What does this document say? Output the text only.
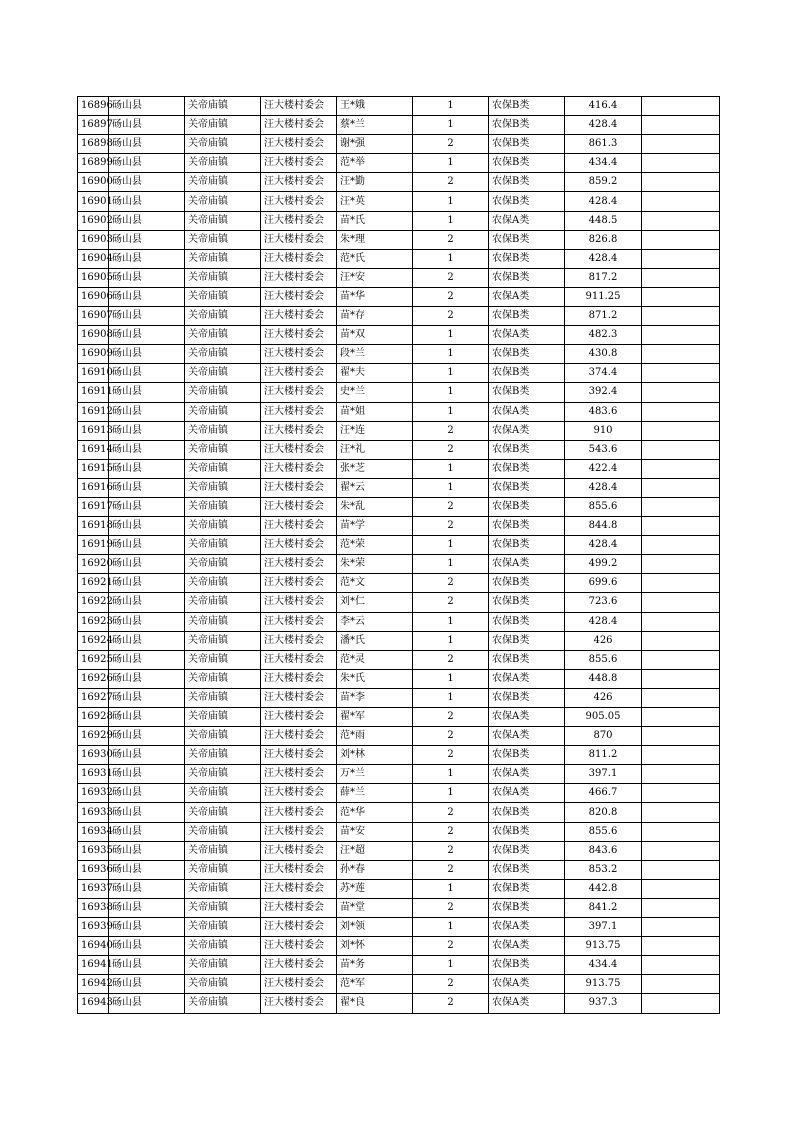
16896	砀山县	关帝庙镇	汪大楼村委会	王*娥	1	农保B类	416.4	
16897	砀山县	关帝庙镇	汪大楼村委会	蔡*兰	1	农保B类	428.4	
16898	砀山县	关帝庙镇	汪大楼村委会	谢*强	2	农保B类	861.3	
16899	砀山县	关帝庙镇	汪大楼村委会	范*举	1	农保B类	434.4	
16900	砀山县	关帝庙镇	汪大楼村委会	汪*勤	2	农保B类	859.2	
16901	砀山县	关帝庙镇	汪大楼村委会	汪*英	1	农保B类	428.4	
16902	砀山县	关帝庙镇	汪大楼村委会	苗*氏	1	农保A类	448.5	
16903	砀山县	关帝庙镇	汪大楼村委会	朱*理	2	农保B类	826.8	
16904	砀山县	关帝庙镇	汪大楼村委会	范*氏	1	农保B类	428.4	
16905	砀山县	关帝庙镇	汪大楼村委会	汪*安	2	农保B类	817.2	
16906	砀山县	关帝庙镇	汪大楼村委会	苗*华	2	农保A类	911.25	
16907	砀山县	关帝庙镇	汪大楼村委会	苗*存	2	农保B类	871.2	
16908	砀山县	关帝庙镇	汪大楼村委会	苗*双	1	农保A类	482.3	
16909	砀山县	关帝庙镇	汪大楼村委会	段*兰	1	农保B类	430.8	
16910	砀山县	关帝庙镇	汪大楼村委会	翟*夫	1	农保B类	374.4	
16911	砀山县	关帝庙镇	汪大楼村委会	史*兰	1	农保B类	392.4	
16912	砀山县	关帝庙镇	汪大楼村委会	苗*姐	1	农保A类	483.6	
16913	砀山县	关帝庙镇	汪大楼村委会	汪*连	2	农保A类	910	
16914	砀山县	关帝庙镇	汪大楼村委会	汪*礼	2	农保B类	543.6	
16915	砀山县	关帝庙镇	汪大楼村委会	张*芝	1	农保B类	422.4	
16916	砀山县	关帝庙镇	汪大楼村委会	翟*云	1	农保B类	428.4	
16917	砀山县	关帝庙镇	汪大楼村委会	朱*乱	2	农保B类	855.6	
16918	砀山县	关帝庙镇	汪大楼村委会	苗*学	2	农保B类	844.8	
16919	砀山县	关帝庙镇	汪大楼村委会	范*荣	1	农保B类	428.4	
16920	砀山县	关帝庙镇	汪大楼村委会	朱*荣	1	农保A类	499.2	
16921	砀山县	关帝庙镇	汪大楼村委会	范*文	2	农保B类	699.6	
16922	砀山县	关帝庙镇	汪大楼村委会	刘*仁	2	农保B类	723.6	
16923	砀山县	关帝庙镇	汪大楼村委会	李*云	1	农保B类	428.4	
16924	砀山县	关帝庙镇	汪大楼村委会	潘*氏	1	农保B类	426	
16925	砀山县	关帝庙镇	汪大楼村委会	范*灵	2	农保B类	855.6	
16926	砀山县	关帝庙镇	汪大楼村委会	朱*氏	1	农保A类	448.8	
16927	砀山县	关帝庙镇	汪大楼村委会	苗*李	1	农保B类	426	
16928	砀山县	关帝庙镇	汪大楼村委会	翟*军	2	农保A类	905.05	
16929	砀山县	关帝庙镇	汪大楼村委会	范*雨	2	农保A类	870	
16930	砀山县	关帝庙镇	汪大楼村委会	刘*林	2	农保B类	811.2	
16931	砀山县	关帝庙镇	汪大楼村委会	万*兰	1	农保A类	397.1	
16932	砀山县	关帝庙镇	汪大楼村委会	薛*兰	1	农保A类	466.7	
16933	砀山县	关帝庙镇	汪大楼村委会	范*华	2	农保B类	820.8	
16934	砀山县	关帝庙镇	汪大楼村委会	苗*安	2	农保B类	855.6	
16935	砀山县	关帝庙镇	汪大楼村委会	汪*超	2	农保B类	843.6	
16936	砀山县	关帝庙镇	汪大楼村委会	孙*春	2	农保B类	853.2	
16937	砀山县	关帝庙镇	汪大楼村委会	苏*莲	1	农保B类	442.8	
16938	砀山县	关帝庙镇	汪大楼村委会	苗*堂	2	农保B类	841.2	
16939	砀山县	关帝庙镇	汪大楼村委会	刘*领	1	农保A类	397.1	
16940	砀山县	关帝庙镇	汪大楼村委会	刘*怀	2	农保A类	913.75	
16941	砀山县	关帝庙镇	汪大楼村委会	苗*务	1	农保B类	434.4	
16942	砀山县	关帝庙镇	汪大楼村委会	范*军	2	农保A类	913.75	
16943	砀山县	关帝庙镇	汪大楼村委会	翟*良	2	农保A类	937.3	
